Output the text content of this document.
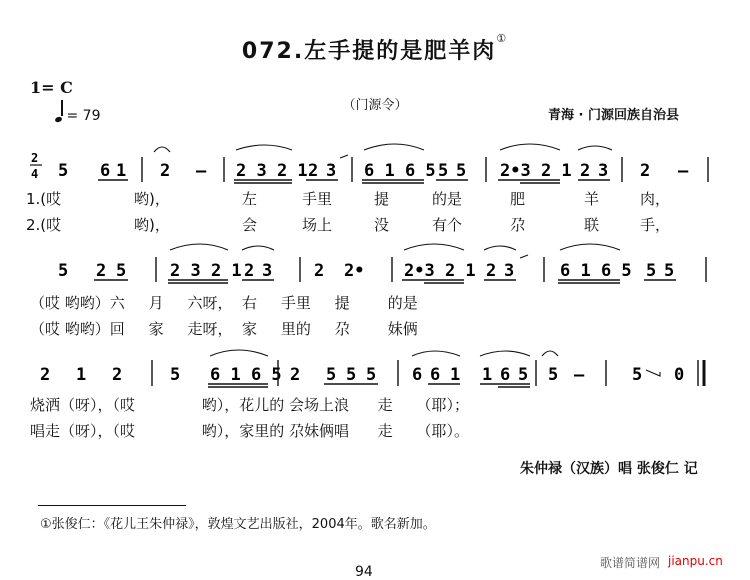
072.左手提的是肥羊肉①
1= C
= 79
（门源令）
青海 · 门源回族自治县
2
4 5 6 1 2 – 2 3 2 1 2 3 6 1 6 5 5 5 2•3 2 1 2 3 2 –
5 2 5	2 3 2 1 2 3 2 2• 2•3 2 1 2 3	6 1 6 5 5 5
2 1 2	5 6 1 6 5 2 5 5 5 6 6 1 1 6 5 5 –	5 0
1.(哎	哟)，	左	手里	提	的是	肥	羊	肉，
2.(哎	哟)，	会	场上	没	有个	尕	联	手，
（哎 哟哟）六     月     六呀，  右     手里     提        的是
（哎 哟哟）回     家     走呀，  家     里的     尕        妹俩
烧洒（呀），（哎              哟），花儿的 会场上浪      走     （耶）；
唱走（呀），（哎              哟），家里的 尕妹俩唱      走     （耶）。
朱仲禄（汉族）唱 张俊仁 记
①张俊仁：《花儿王朱仲禄》，敦煌文艺出版社，2004年。歌名新加。
94
歌谱简谱网 jianpu.cn
